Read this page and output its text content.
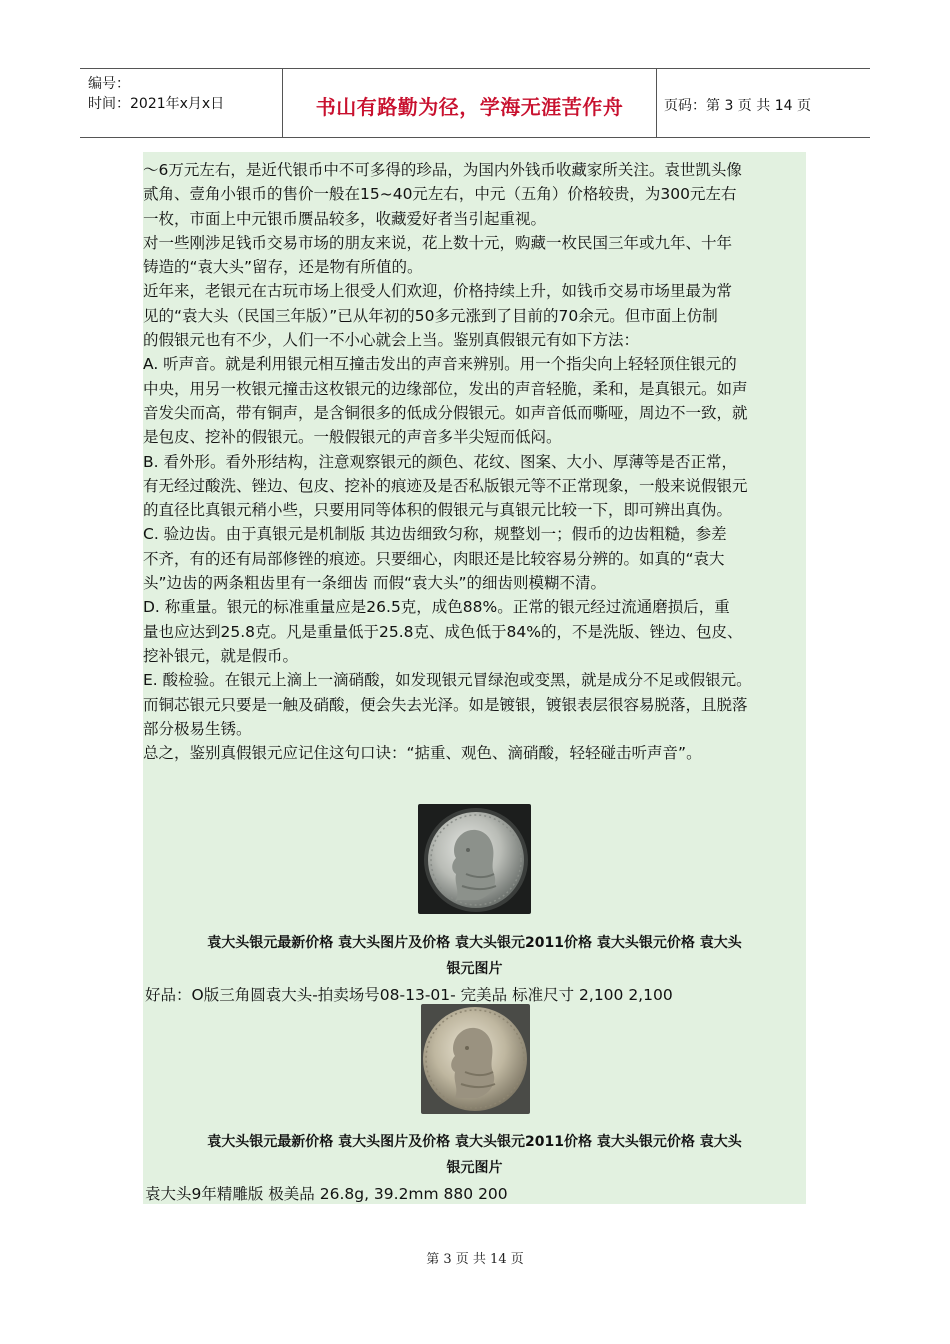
编号：
时间：2021年x月x日	书山有路勤为径，学海无涯苦作舟	页码：第 3 页 共 14 页

～6万元左右，是近代银币中不可多得的珍品，为国内外钱币收藏家所关注。袁世凯头像

贰角、壹角小银币的售价一般在15~40元左右，中元（五角）价格较贵，为300元左右

一枚，市面上中元银币赝品较多，收藏爱好者当引起重视。

对一些刚涉足钱币交易市场的朋友来说，花上数十元，购藏一枚民国三年或九年、十年

铸造的“袁大头”留存，还是物有所值的。

近年来，老银元在古玩市场上很受人们欢迎，价格持续上升，如钱币交易市场里最为常

见的“袁大头（民国三年版）”已从年初的50多元涨到了目前的70余元。但市面上仿制

的假银元也有不少，人们一不小心就会上当。鉴别真假银元有如下方法：

A. 听声音。就是利用银元相互撞击发出的声音来辨别。用一个指尖向上轻轻顶住银元的

中央，用另一枚银元撞击这枚银元的边缘部位，发出的声音轻脆，柔和，是真银元。如声

音发尖而高，带有铜声，是含铜很多的低成分假银元。如声音低而嘶哑，周边不一致，就

是包皮、挖补的假银元。一般假银元的声音多半尖短而低闷。

B. 看外形。看外形结构，注意观察银元的颜色、花纹、图案、大小、厚薄等是否正常，

有无经过酸洗、锉边、包皮、挖补的痕迹及是否私版银元等不正常现象，一般来说假银元

的直径比真银元稍小些，只要用同等体积的假银元与真银元比较一下，即可辨出真伪。

C. 验边齿。由于真银元是机制版 其边齿细致匀称，规整划一；假币的边齿粗糙，参差

不齐，有的还有局部修锉的痕迹。只要细心，肉眼还是比较容易分辨的。如真的“袁大

头”边齿的两条粗齿里有一条细齿 而假“袁大头”的细齿则模糊不清。

D. 称重量。银元的标准重量应是26.5克，成色88%。正常的银元经过流通磨损后，重

量也应达到25.8克。凡是重量低于25.8克、成色低于84%的，不是洗版、锉边、包皮、

挖补银元，就是假币。

E. 酸检验。在银元上滴上一滴硝酸，如发现银元冒绿泡或变黑，就是成分不足或假银元。

而铜芯银元只要是一触及硝酸，便会失去光泽。如是镀银，镀银表层很容易脱落，且脱落

部分极易生锈。

总之，鉴别真假银元应记住这句口诀：“掂重、观色、滴硝酸，轻轻碰击听声音”。

袁大头银元最新价格 袁大头图片及价格 袁大头银元2011价格 袁大头银元价格 袁大头

银元图片

好品：O版三角圆袁大头-拍卖场号08-13-01- 完美品 标准尺寸 2,100 2,100

袁大头银元最新价格 袁大头图片及价格 袁大头银元2011价格 袁大头银元价格 袁大头

银元图片

袁大头9年精雕版 极美品 26.8g, 39.2mm 880 200
第 3 页 共 14 页
